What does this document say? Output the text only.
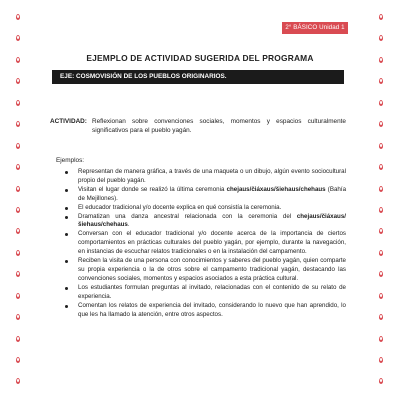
2° BÁSICO Unidad 1
EJEMPLO DE ACTIVIDAD SUGERIDA DEL PROGRAMA
EJE: COSMOVISIÓN DE LOS PUEBLOS ORIGINARIOS.
ACTIVIDAD: Reflexionan sobre convenciones sociales, momentos y espacios culturalmente significativos para el pueblo yagán.
Ejemplos:
Representan de manera gráfica, a través de una maqueta o un dibujo, algún evento sociocultural propio del pueblo yagán.
Visitan el lugar donde se realizó la última ceremonia chejaus/čiáxaus/šiehaus/chehaus (Bahía de Mejillones).
El educador tradicional y/o docente explica en qué consistía la ceremonia.
Dramatizan una danza ancestral relacionada con la ceremonia del chejaus/čiáxaus/šiehaus/chehaus.
Conversan con el educador tradicional y/o docente acerca de la importancia de ciertos comportamientos en prácticas culturales del pueblo yagán, por ejemplo, durante la navegación, en instancias de escuchar relatos tradicionales o en la instalación del campamento.
Reciben la visita de una persona con conocimientos y saberes del pueblo yagán, quien comparte su propia experiencia o la de otros sobre el campamento tradicional yagán, destacando las convenciones sociales, momentos y espacios asociados a esta práctica cultural.
Los estudiantes formulan preguntas al invitado, relacionadas con el contenido de su relato de experiencia.
Comentan los relatos de experiencia del invitado, considerando lo nuevo que han aprendido, lo que les ha llamado la atención, entre otros aspectos.
